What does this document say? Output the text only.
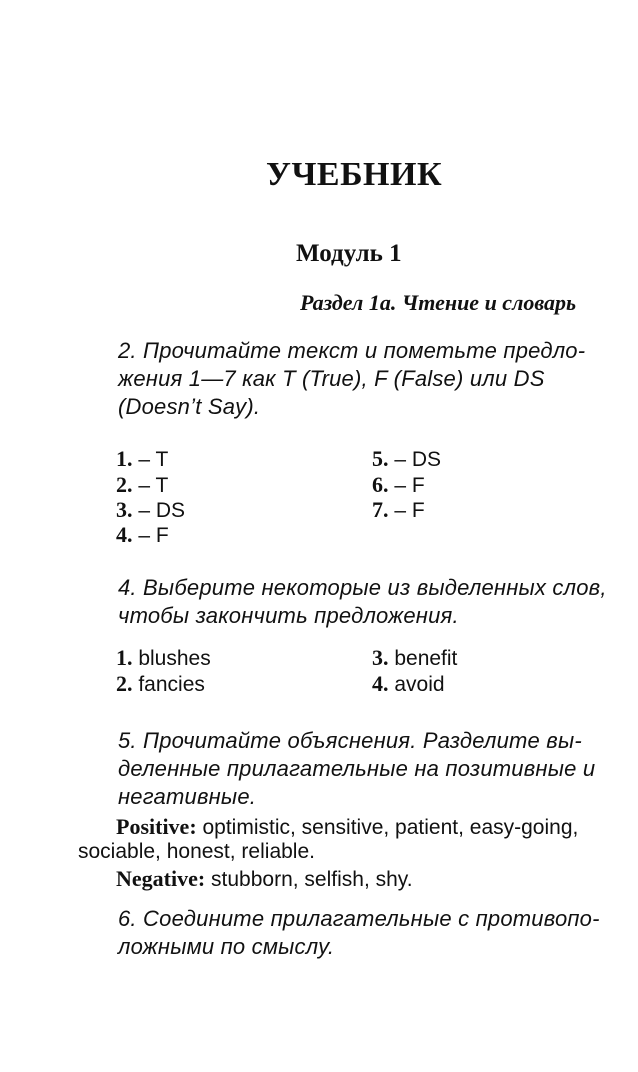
УЧЕБНИК
Модуль 1
Раздел 1a. Чтение и словарь
2. Прочитайте текст и пометьте предло-
жения 1—7 как T (True), F (False) или DS
(Doesn’t Say).
1. – T
2. – T
3. – DS
4. – F
5. – DS
6. – F
7. – F
4. Выберите некоторые из выделенных слов,
чтобы закончить предложения.
1. blushes
2. fancies
3. benefit
4. avoid
5. Прочитайте объяснения. Разделите вы-
деленные прилагательные на позитивные и
негативные.
Positive: optimistic, sensitive, patient, easy-going,
sociable, honest, reliable.
Negative: stubborn, selfish, shy.
6. Соедините прилагательные с противопо-
ложными по смыслу.
